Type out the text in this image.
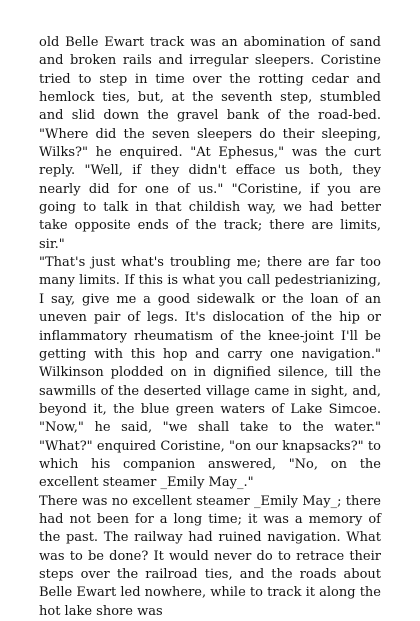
old Belle Ewart track was an abomination of sand and broken rails and irregular sleepers. Coristine tried to step in time over the rotting cedar and hemlock ties, but, at the seventh step, stumbled and slid down the gravel bank of the road-bed. "Where did the seven sleepers do their sleeping, Wilks?" he enquired. "At Ephesus," was the curt reply. "Well, if they didn't efface us both, they nearly did for one of us." "Coristine, if you are going to talk in that childish way, we had better take opposite ends of the track; there are limits, sir."

"That's just what's troubling me; there are far too many limits. If this is what you call pedestrianizing, I say, give me a good sidewalk or the loan of an uneven pair of legs. It's dislocation of the hip or inflammatory rheumatism of the knee-joint I'll be getting with this hop and carry one navigation." Wilkinson plodded on in dignified silence, till the sawmills of the deserted village came in sight, and, beyond it, the blue green waters of Lake Simcoe. "Now," he said, "we shall take to the water." "What?" enquired Coristine, "on our knapsacks?" to which his companion answered, "No, on the excellent steamer _Emily May_."

There was no excellent steamer _Emily May_; there had not been for a long time; it was a memory of the past. The railway had ruined navigation. What was to be done? It would never do to retrace their steps over the railroad ties, and the roads about Belle Ewart led nowhere, while to track it along the hot lake shore was
